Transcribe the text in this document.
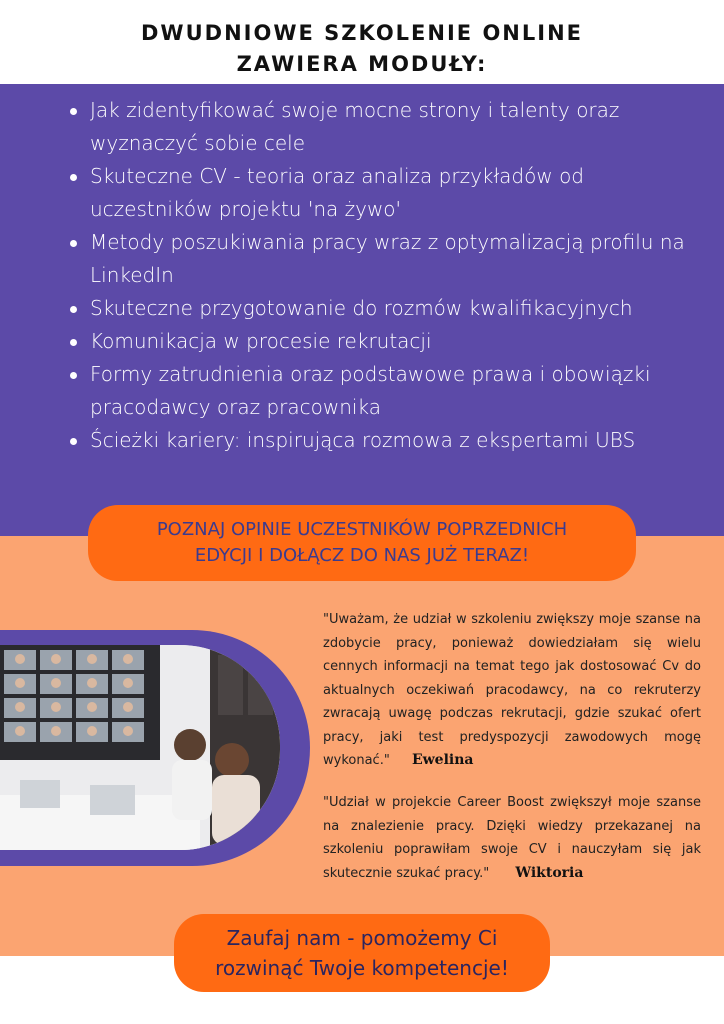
DWUDNIOWE SZKOLENIE ONLINE
ZAWIERA MODUŁY:
Jak zidentyfikować swoje mocne strony i talenty oraz wyznaczyć sobie cele
Skuteczne CV - teoria oraz analiza przykładów od uczestników projektu 'na żywo'
Metody poszukiwania pracy wraz z optymalizacją profilu na LinkedIn
Skuteczne przygotowanie do rozmów kwalifikacyjnych
Komunikacja w procesie rekrutacji
Formy zatrudnienia oraz podstawowe prawa i obowiązki pracodawcy oraz pracownika
Ścieżki kariery: inspirująca rozmowa z ekspertami UBS
POZNAJ OPINIE UCZESTNIKÓW POPRZEDNICH
EDYCJI I DOŁĄCZ DO NAS JUŻ TERAZ!
"Uważam, że udział w szkoleniu zwiększy moje szanse na zdobycie pracy, ponieważ dowiedziałam się wielu cennych informacji na temat tego jak dostosować Cv do aktualnych oczekiwań pracodawcy, na co rekruterzy zwracają uwagę podczas rekrutacji, gdzie szukać ofert pracy, jaki test predyspozycji zawodowych mogę wykonać." Ewelina
"Udział w projekcie Career Boost zwiększył moje szanse na znalezienie pracy. Dzięki wiedzy przekazanej na szkoleniu poprawiłam swoje CV i nauczyłam się jak skutecznie szukać pracy." Wiktoria
Zaufaj nam - pomożemy Ci
rozwinąć Twoje kompetencje!
